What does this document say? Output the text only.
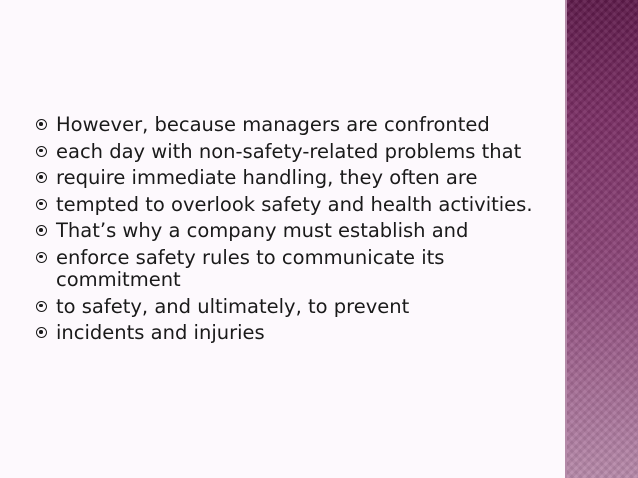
However, because managers are confronted
each day with non-safety-related problems that
require immediate handling, they often are
tempted to overlook safety and health activities.
That’s why a company must establish and
enforce safety rules to communicate its commitment
to safety, and ultimately, to prevent
incidents and injuries
